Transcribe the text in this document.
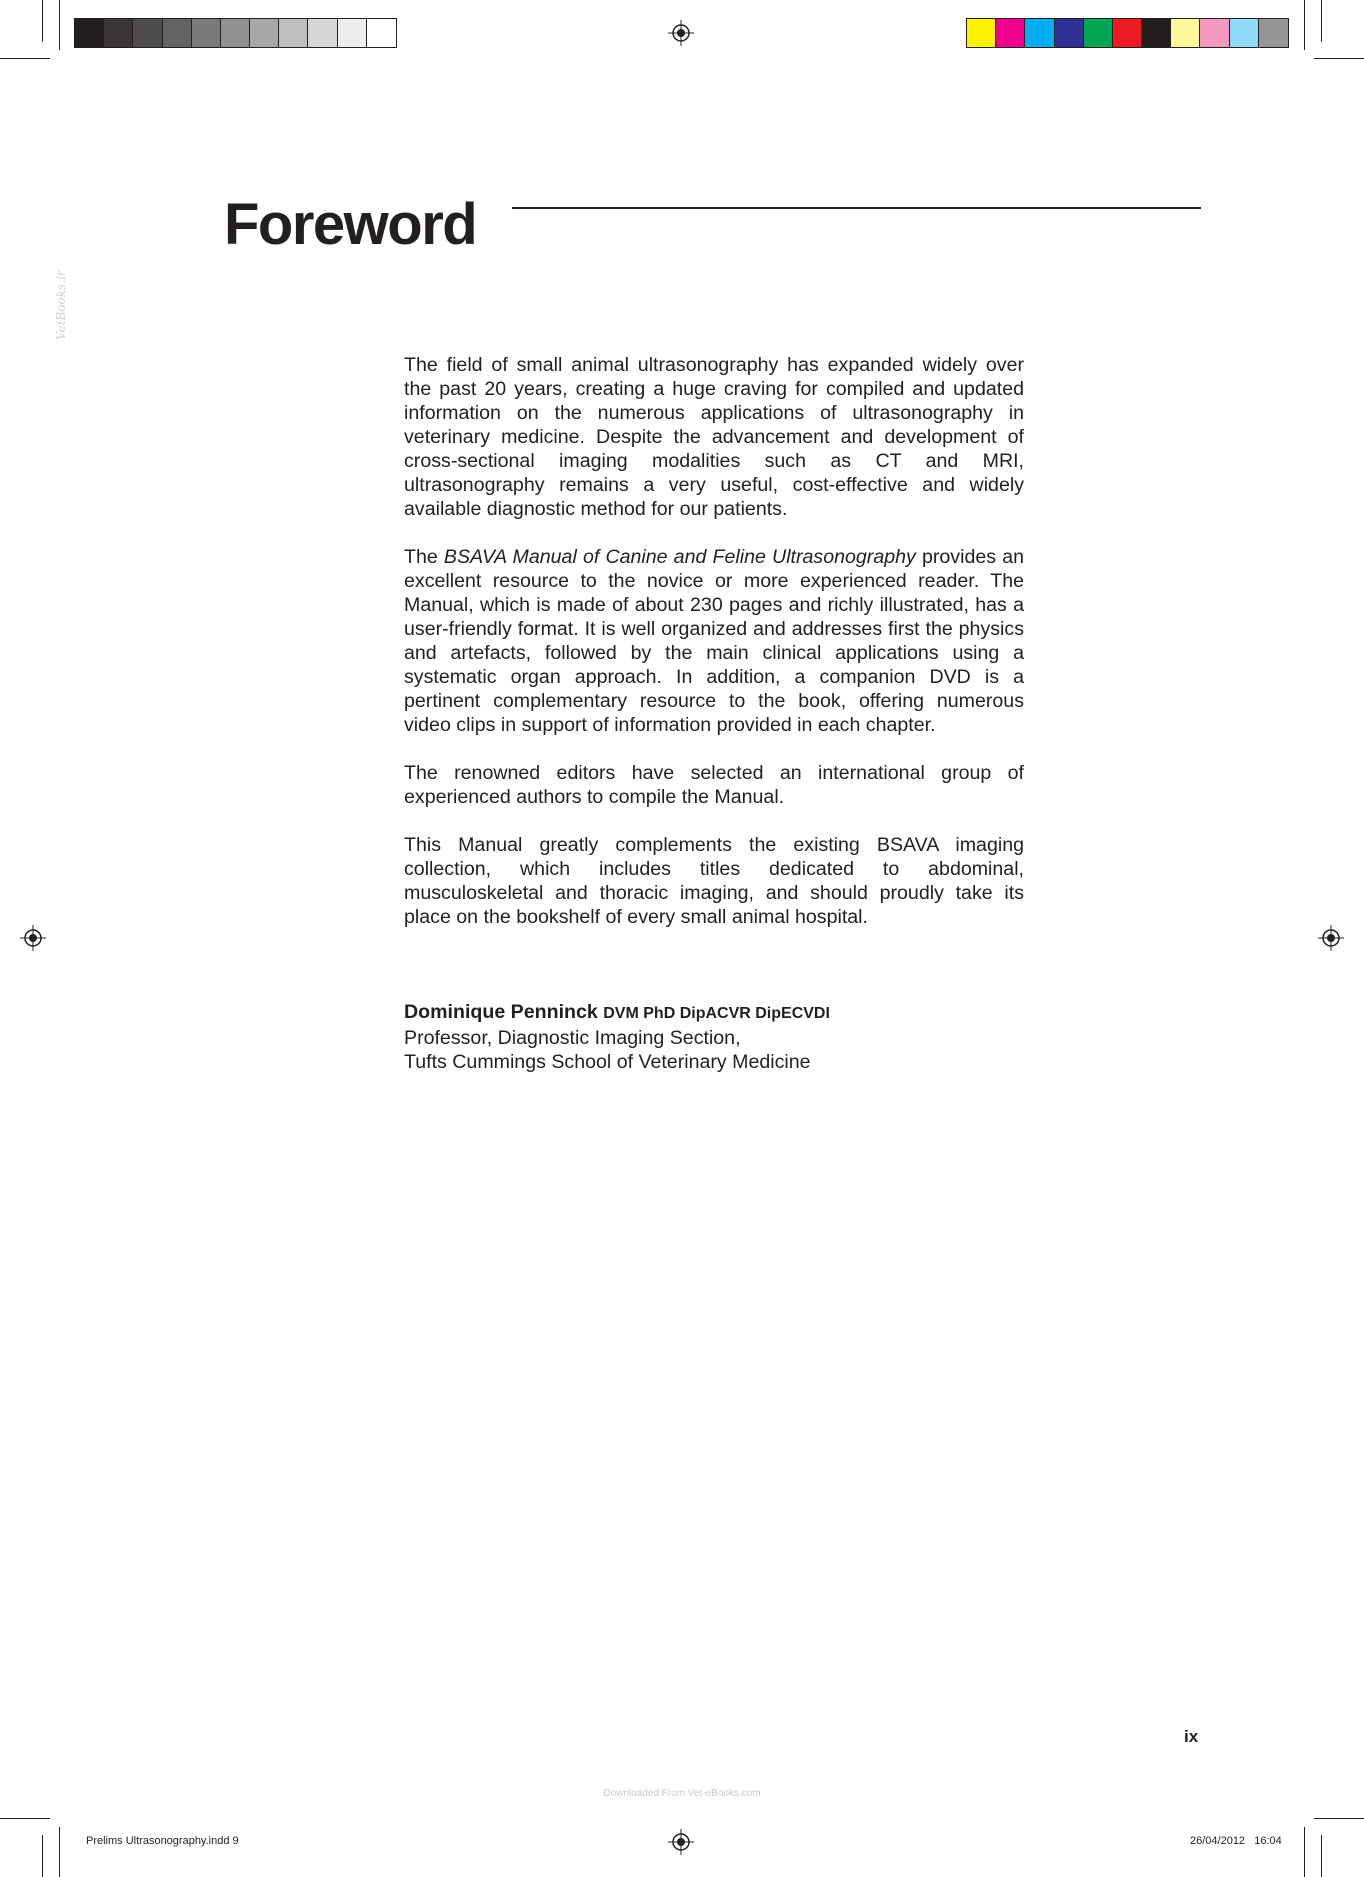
VetBooks.ir
Foreword

The field of small animal ultrasonography has expanded widely over the past 20 years, creating a huge craving for compiled and updated information on the numerous applications of ultrasonography in veterinary medicine. Despite the advancement and development of cross-sectional imaging modalities such as CT and MRI, ultrasonography remains a very useful, cost-effective and widely available diagnostic method for our patients.

The BSAVA Manual of Canine and Feline Ultrasonography provides an excellent resource to the novice or more experienced reader. The Manual, which is made of about 230 pages and richly illustrated, has a user-friendly format. It is well organized and addresses first the physics and artefacts, followed by the main clinical applications using a systematic organ approach. In addition, a companion DVD is a pertinent complementary resource to the book, offering numerous video clips in support of information provided in each chapter.

The renowned editors have selected an international group of experienced authors to compile the Manual.

This Manual greatly complements the existing BSAVA imaging collection, which includes titles dedicated to abdominal, musculoskeletal and thoracic imaging, and should proudly take its place on the bookshelf of every small animal hospital.

Dominique Penninck DVM PhD DipACVR DipECVDI
Professor, Diagnostic Imaging Section,
Tufts Cummings School of Veterinary Medicine
ix
Downloaded From Vet-eBooks.com
Prelims Ultrasonography.indd 9	26/04/2012   16:04
